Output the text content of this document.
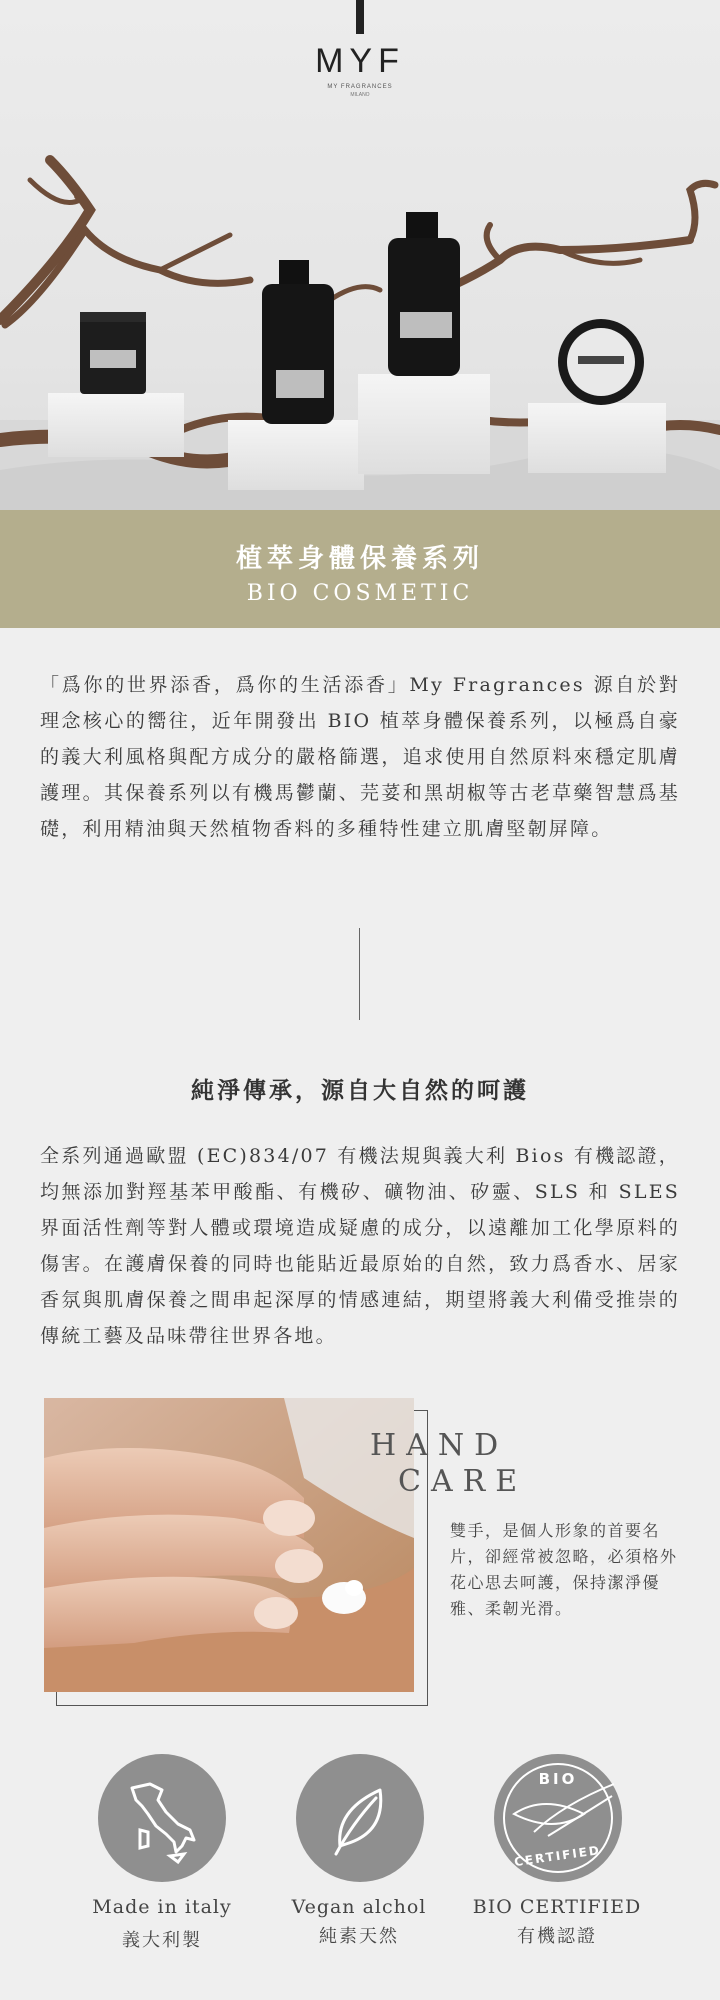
MYF
MY FRAGRANCES
MILANO
植萃身體保養系列
BIO COSMETIC
「爲你的世界添香，爲你的生活添香」My Fragrances 源自於對理念核心的嚮往，近年開發出 BIO 植萃身體保養系列，以極爲自豪的義大利風格與配方成分的嚴格篩選，追求使用自然原料來穩定肌膚護理。其保養系列以有機馬鬱蘭、芫荽和黑胡椒等古老草藥智慧爲基礎，利用精油與天然植物香料的多種特性建立肌膚堅韌屏障。
純淨傳承，源自大自然的呵護
全系列通過歐盟 (EC)834/07 有機法規與義大利 Bios 有機認證，均無添加對羥基苯甲酸酯、有機矽、礦物油、矽靈、SLS 和 SLES 界面活性劑等對人體或環境造成疑慮的成分，以遠離加工化學原料的傷害。在護膚保養的同時也能貼近最原始的自然，致力爲香水、居家香氛與肌膚保養之間串起深厚的情感連結，期望將義大利備受推崇的傳統工藝及品味帶往世界各地。
HAND
CARE
雙手，是個人形象的首要名片，卻經常被忽略，必須格外花心思去呵護，保持潔淨優雅、柔韌光滑。
Made in italy
義大利製
Vegan alchol
純素天然
BIO
CERTIFIED
BIO CERTIFIED
有機認證
